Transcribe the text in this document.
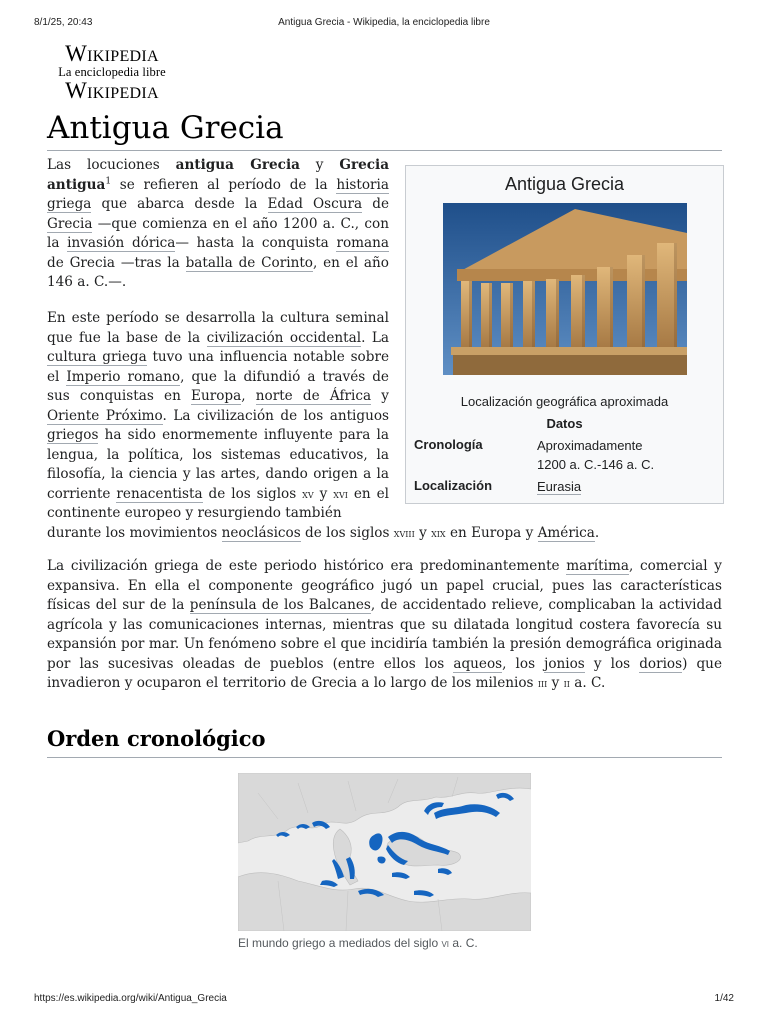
8/1/25, 20:43	Antigua Grecia - Wikipedia, la enciclopedia libre
Wikipedia
La enciclopedia libre
Wikipedia
Antigua Grecia

Las locuciones antigua Grecia y Grecia antigua$^1$ se refieren al período de la historia griega que abarca desde la Edad Oscura de Grecia —que comienza en el año 1200 a. C., con la invasión dórica— hasta la conquista romana de Grecia —tras la batalla de Corinto, en el año 146 a. C.—.

En este período se desarrolla la cultura seminal que fue la base de la civilización occidental. La cultura griega tuvo una influencia notable sobre el Imperio romano, que la difundió a través de sus conquistas en Europa, norte de África y Oriente Próximo. La civilización de los antiguos griegos ha sido enormemente influyente para la lengua, la política, los sistemas educativos, la filosofía, la ciencia y las artes, dando origen a la corriente renacentista de los siglos xv y xvi en el continente europeo y resurgiendo también

durante los movimientos neoclásicos de los siglos xviii y xix en Europa y América.

La civilización griega de este periodo histórico era predominantemente marítima, comercial y expansiva. En ella el componente geográfico jugó un papel crucial, pues las características físicas del sur de la península de los Balcanes, de accidentado relieve, complicaban la actividad agrícola y las comunicaciones internas, mientras que su dilatada longitud costera favorecía su expansión por mar. Un fenómeno sobre el que incidiría también la presión demográfica originada por las sucesivas oleadas de pueblos (entre ellos los aqueos, los jonios y los dorios) que invadieron y ocuparon el territorio de Grecia a lo largo de los milenios iii y ii a. C.

Antigua Grecia
Localización geográfica aproximada
Datos
Cronología	Aproximadamente
1200 a. C.-146 a. C.
Localización	Eurasia
Orden cronológico
El mundo griego a mediados del siglo vi a. C.
https://es.wikipedia.org/wiki/Antigua_Grecia	1/42
